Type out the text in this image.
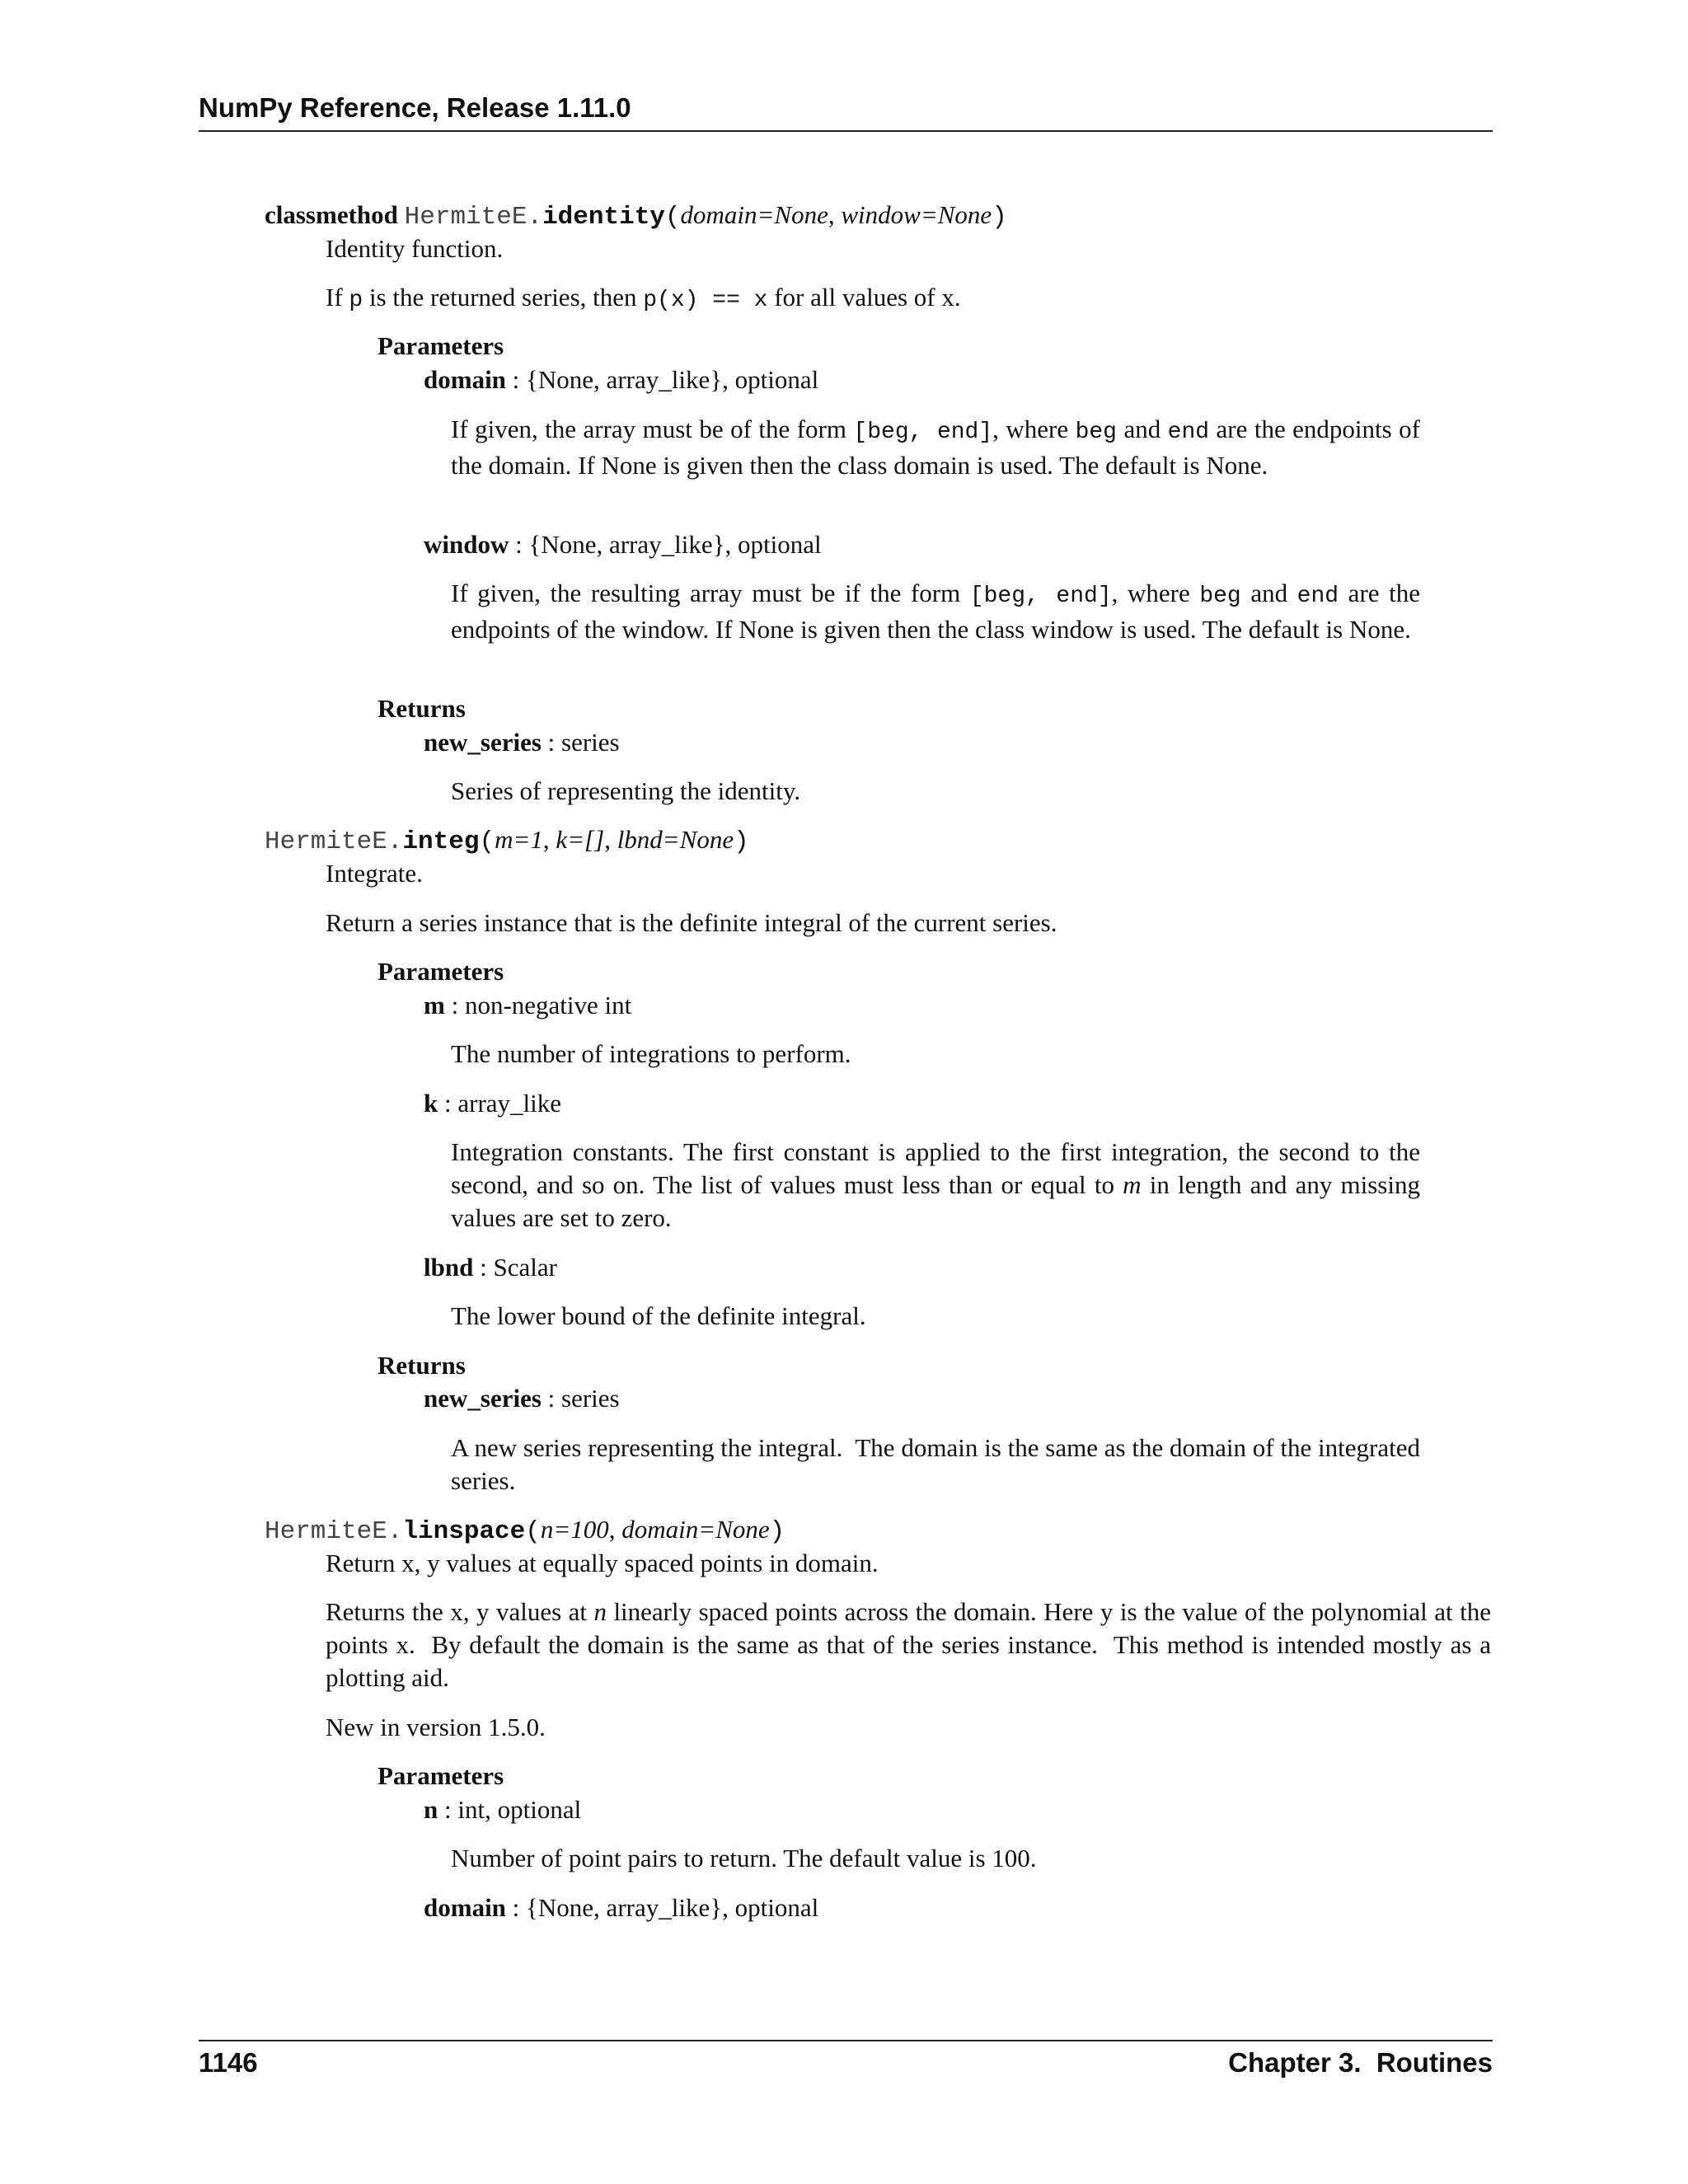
NumPy Reference, Release 1.11.0
classmethod HermiteE.identity(domain=None, window=None)
Identity function.
If p is the returned series, then p(x) == x for all values of x.
Parameters
domain : {None, array_like}, optional
If given, the array must be of the form [beg, end], where beg and end are the endpoints of the domain. If None is given then the class domain is used. The default is None.
window : {None, array_like}, optional
If given, the resulting array must be if the form [beg, end], where beg and end are the endpoints of the window. If None is given then the class window is used. The default is None.
Returns
new_series : series
Series of representing the identity.
HermiteE.integ(m=1, k=[], lbnd=None)
Integrate.
Return a series instance that is the definite integral of the current series.
Parameters
m : non-negative int
The number of integrations to perform.
k : array_like
Integration constants. The first constant is applied to the first integration, the second to the second, and so on. The list of values must less than or equal to m in length and any missing values are set to zero.
lbnd : Scalar
The lower bound of the definite integral.
Returns
new_series : series
A new series representing the integral.  The domain is the same as the domain of the integrated series.
HermiteE.linspace(n=100, domain=None)
Return x, y values at equally spaced points in domain.
Returns the x, y values at n linearly spaced points across the domain. Here y is the value of the polynomial at the points x.  By default the domain is the same as that of the series instance.  This method is intended mostly as a plotting aid.
New in version 1.5.0.
Parameters
n : int, optional
Number of point pairs to return. The default value is 100.
domain : {None, array_like}, optional
1146	Chapter 3.  Routines
